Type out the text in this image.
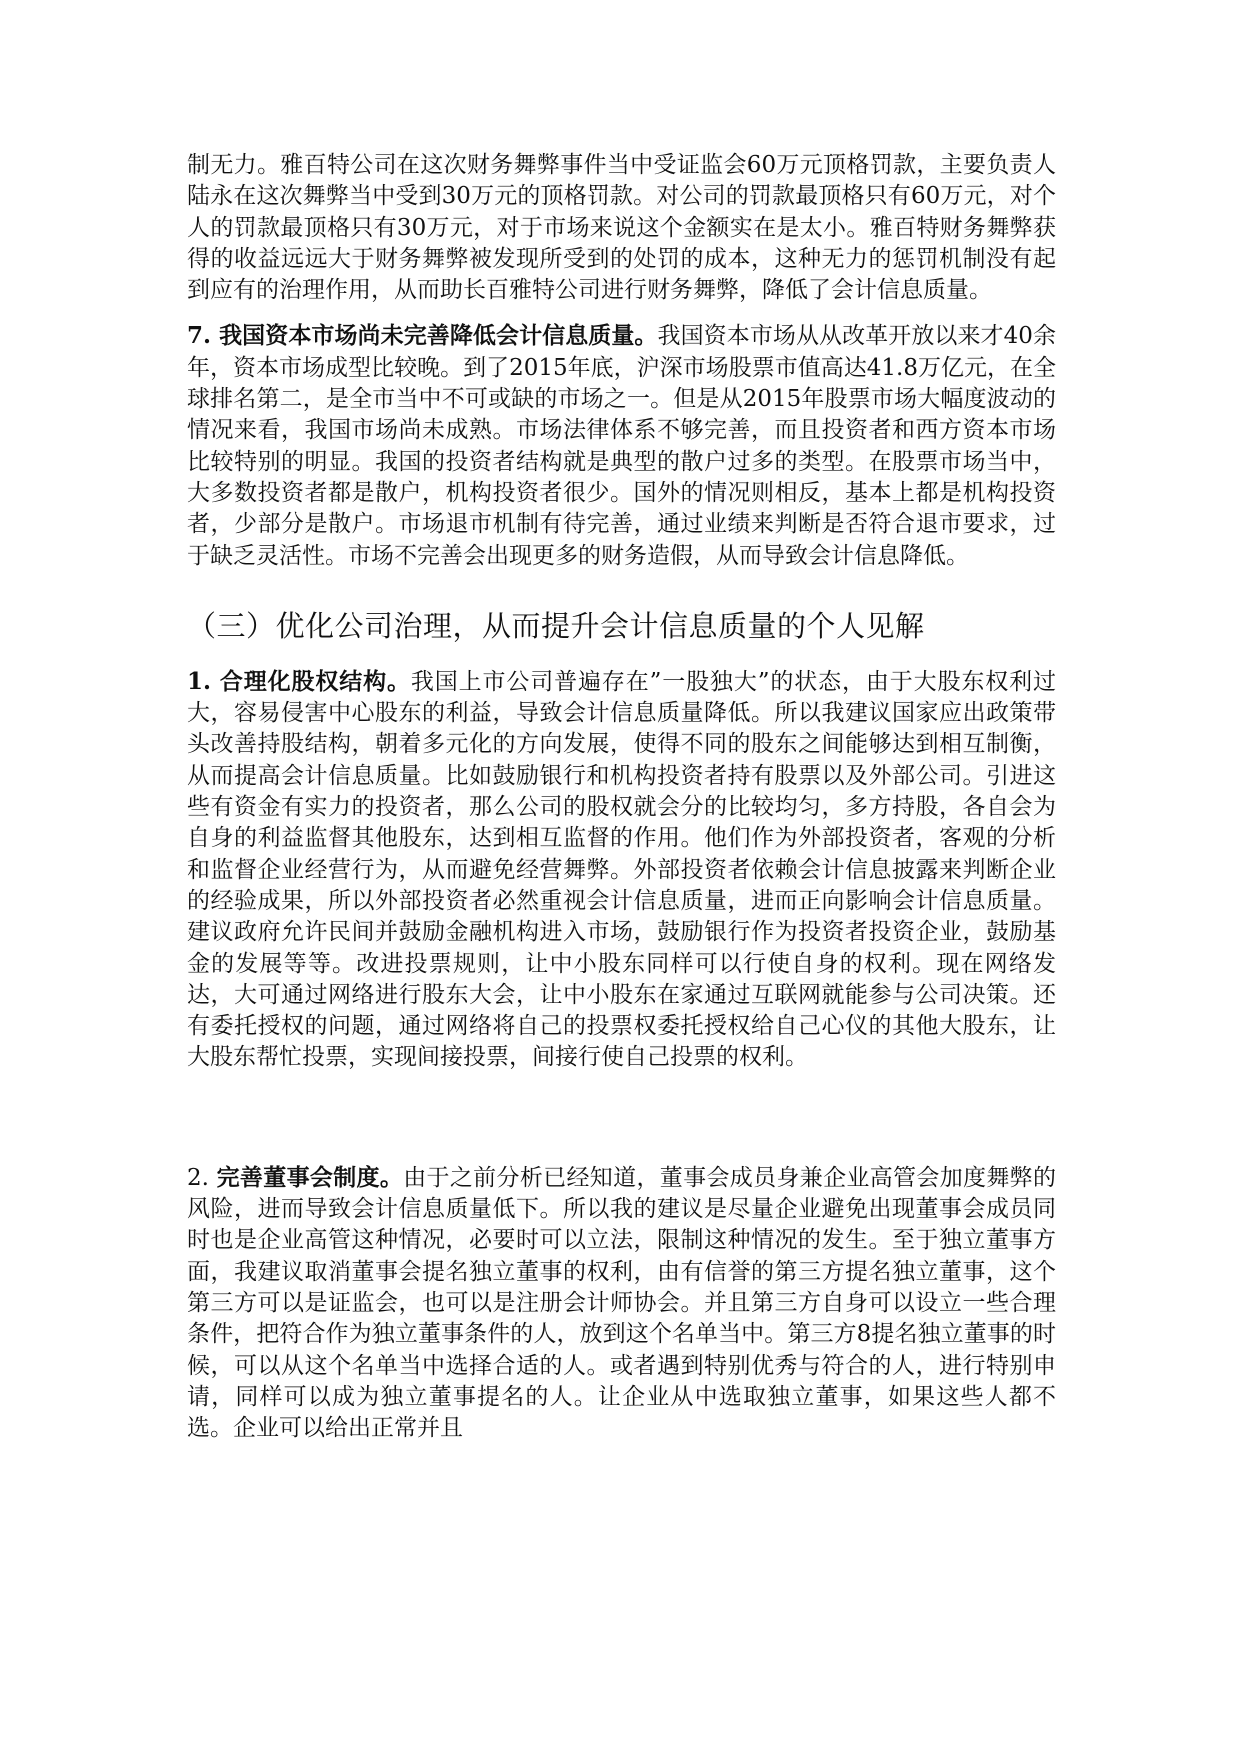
制无力。雅百特公司在这次财务舞弊事件当中受证监会60万元顶格罚款，主要负责人陆永在这次舞弊当中受到30万元的顶格罚款。对公司的罚款最顶格只有60万元，对个人的罚款最顶格只有30万元，对于市场来说这个金额实在是太小。雅百特财务舞弊获得的收益远远大于财务舞弊被发现所受到的处罚的成本，这种无力的惩罚机制没有起到应有的治理作用，从而助长百雅特公司进行财务舞弊，降低了会计信息质量。

7. 我国资本市场尚未完善降低会计信息质量。我国资本市场从从改革开放以来才40余年，资本市场成型比较晚。到了2015年底，沪深市场股票市值高达41.8万亿元，在全球排名第二，是全市当中不可或缺的市场之一。但是从2015年股票市场大幅度波动的情况来看，我国市场尚未成熟。市场法律体系不够完善，而且投资者和西方资本市场比较特别的明显。我国的投资者结构就是典型的散户过多的类型。在股票市场当中，大多数投资者都是散户，机构投资者很少。国外的情况则相反，基本上都是机构投资者，少部分是散户。市场退市机制有待完善，通过业绩来判断是否符合退市要求，过于缺乏灵活性。市场不完善会出现更多的财务造假，从而导致会计信息降低。

（三）优化公司治理，从而提升会计信息质量的个人见解

1. 合理化股权结构。我国上市公司普遍存在”一股独大”的状态，由于大股东权利过大，容易侵害中心股东的利益，导致会计信息质量降低。所以我建议国家应出政策带头改善持股结构，朝着多元化的方向发展，使得不同的股东之间能够达到相互制衡，从而提高会计信息质量。比如鼓励银行和机构投资者持有股票以及外部公司。引进这些有资金有实力的投资者，那么公司的股权就会分的比较均匀，多方持股，各自会为自身的利益监督其他股东，达到相互监督的作用。他们作为外部投资者，客观的分析和监督企业经营行为，从而避免经营舞弊。外部投资者依赖会计信息披露来判断企业的经验成果，所以外部投资者必然重视会计信息质量，进而正向影响会计信息质量。建议政府允许民间并鼓励金融机构进入市场，鼓励银行作为投资者投资企业，鼓励基金的发展等等。改进投票规则，让中小股东同样可以行使自身的权利。现在网络发达，大可通过网络进行股东大会，让中小股东在家通过互联网就能参与公司决策。还有委托授权的问题，通过网络将自己的投票权委托授权给自己心仪的其他大股东，让大股东帮忙投票，实现间接投票，间接行使自己投票的权利。

2. 完善董事会制度。由于之前分析已经知道，董事会成员身兼企业高管会加度舞弊的风险，进而导致会计信息质量低下。所以我的建议是尽量企业避免出现董事会成员同时也是企业高管这种情况，必要时可以立法，限制这种情况的发生。至于独立董事方面，我建议取消董事会提名独立董事的权利，由有信誉的第三方提名独立董事，这个第三方可以是证监会，也可以是注册会计师协会。并且第三方自身可以设立一些合理条件，把符合作为独立董事条件的人，放到这个名单当中。第三方8提名独立董事的时候，可以从这个名单当中选择合适的人。或者遇到特别优秀与符合的人，进行特别申请，同样可以成为独立董事提名的人。让企业从中选取独立董事，如果这些人都不选。企业可以给出正常并且
